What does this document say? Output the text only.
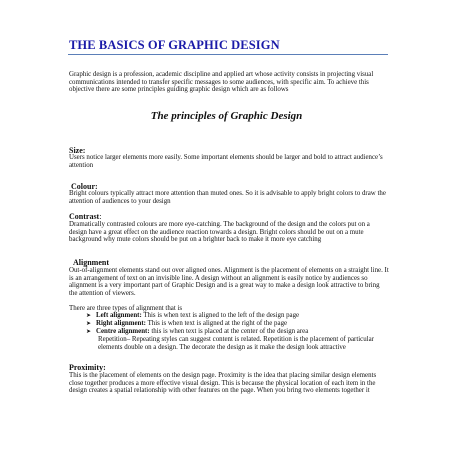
THE BASICS OF GRAPHIC DESIGN
Graphic design is a profession, academic discipline and applied art whose activity consists in projecting visual communications intended to transfer specific messages to some audiences, with specific aim. To achieve this objective there are some principles guiding graphic design which are as follows
The principles of Graphic Design
Size:
Users notice larger elements more easily. Some important elements should be larger and bold to attract audience’s attention
Colour:
Bright colours typically attract more attention than muted ones. So it is advisable to apply bright colors to draw the attention of audiences to your design
Contrast:
Dramatically contrasted colours are more eye-catching. The background of the design and the colors put on a design have a great effect on the audience reaction towards a design. Bright colors should be out on a mute background why mute colors should be put on a brighter back to make it more eye catching
Alignment
Out-of-alignment elements stand out over aligned ones. Alignment is the placement of elements on a straight line. It is an arrangement of text on an invisible line. A design without an alignment is easily notice by audiences so alignment is a very important part of Graphic Design and is a great way to make a design look attractive to bring the attention of viewers.
There are three types of alignment that is
➤ Left alignment: This is when text is aligned to the left of the design page
➤ Right alignment: This is when text is aligned at the right of the page
➤ Centre alignment: this is when text is placed at the center of the design area
Repetition– Repeating styles can suggest content is related. Repetition is the placement of particular elements double on a design. The decorate the design as it make the design look attractive
Proximity:
This is the placement of elements on the design page. Proximity is the idea that placing similar design elements close together produces a more effective visual design. This is because the physical location of each item in the design creates a spatial relationship with other features on the page. When you bring two elements together it
